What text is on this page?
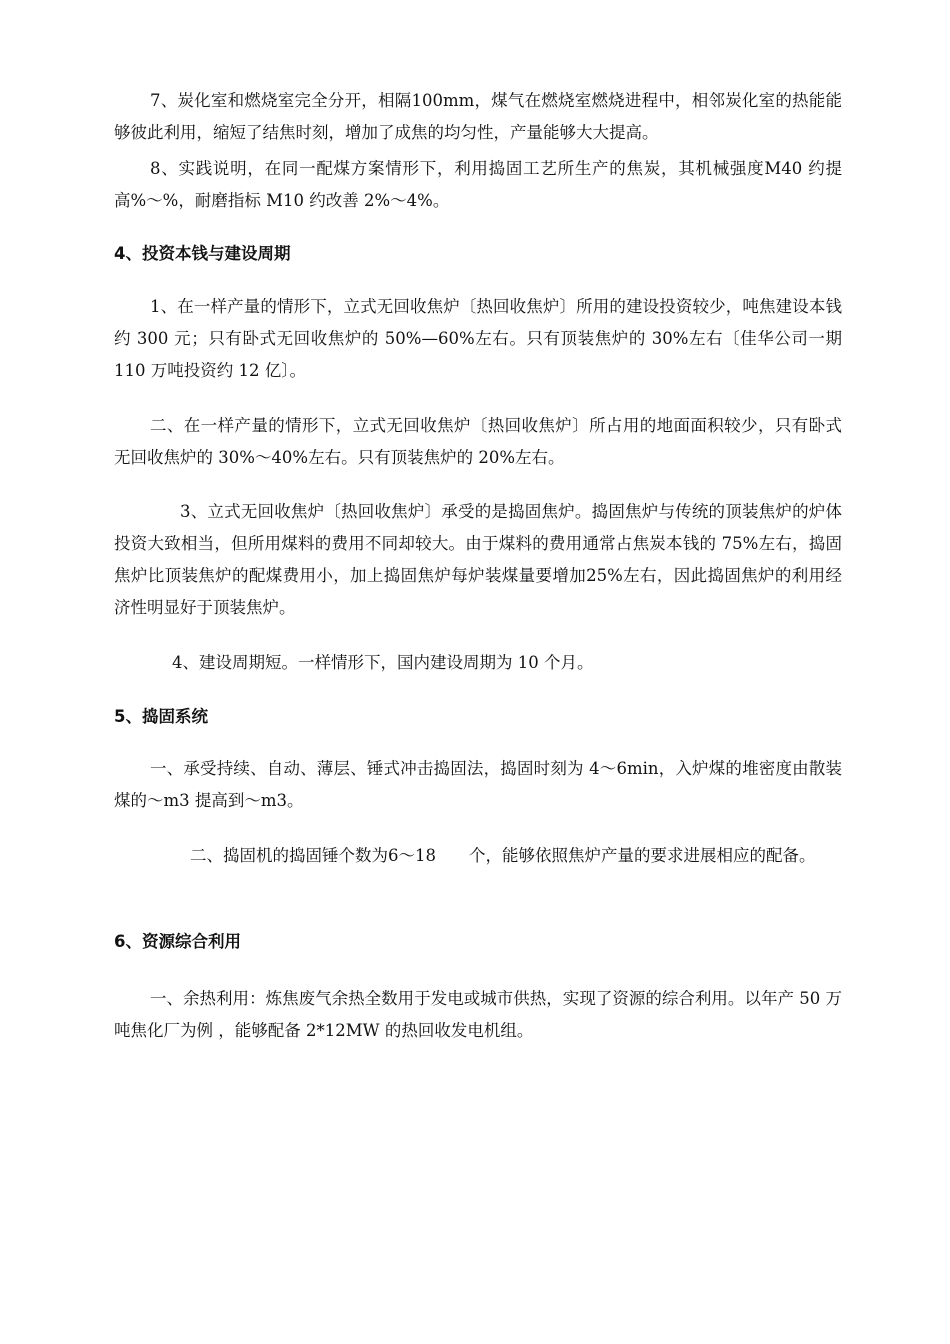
7、炭化室和燃烧室完全分开，相隔100mm，煤气在燃烧室燃烧进程中，相邻炭化室的热能能够彼此利用，缩短了结焦时刻，增加了成焦的均匀性，产量能够大大提高。

8、实践说明，在同一配煤方案情形下，利用捣固工艺所生产的焦炭，其机械强度M40 约提高%～%，耐磨指标 M10 约改善 2%～4%。

4、投资本钱与建设周期

1、在一样产量的情形下，立式无回收焦炉〔热回收焦炉〕所用的建设投资较少，吨焦建设本钱约 300 元；只有卧式无回收焦炉的 50%—60%左右。只有顶装焦炉的 30%左右〔佳华公司一期 110 万吨投资约 12 亿〕。

二、在一样产量的情形下，立式无回收焦炉〔热回收焦炉〕所占用的地面面积较少，只有卧式无回收焦炉的 30%～40%左右。只有顶装焦炉的 20%左右。

3、立式无回收焦炉〔热回收焦炉〕承受的是捣固焦炉。捣固焦炉与传统的顶装焦炉的炉体投资大致相当，但所用煤料的费用不同却较大。由于煤料的费用通常占焦炭本钱的 75%左右，捣固焦炉比顶装焦炉的配煤费用小，加上捣固焦炉每炉装煤量要增加25%左右，因此捣固焦炉的利用经济性明显好于顶装焦炉。

4、建设周期短。一样情形下，国内建设周期为 10 个月。

5、捣固系统

一、承受持续、自动、薄层、锤式冲击捣固法，捣固时刻为 4～6min，入炉煤的堆密度由散装煤的～m3 提高到～m3。

二、捣固机的捣固锤个数为6～18　　个，能够依照焦炉产量的要求进展相应的配备。

6、资源综合利用

一、余热利用：炼焦废气余热全数用于发电或城市供热，实现了资源的综合利用。以年产 50 万吨焦化厂为例 ，能够配备 2*12MW 的热回收发电机组。
